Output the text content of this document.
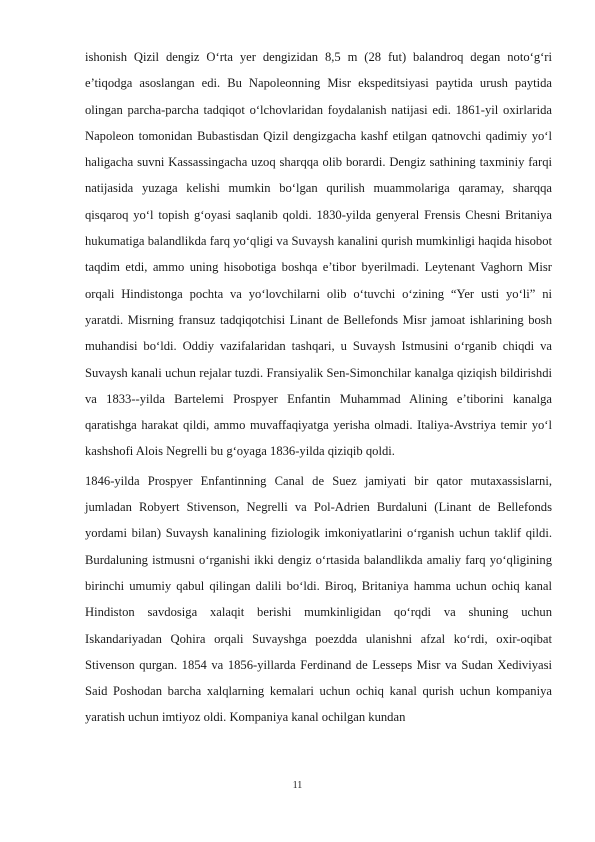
ishonish Qizil dengiz O‘rta yer dengizidan 8,5 m (28 fut) balandroq degan noto‘g‘ri e’tiqodga asoslangan edi. Bu Napoleonning Misr ekspeditsiyasi paytida urush paytida olingan parcha-parcha tadqiqot o‘lchovlaridan foydalanish natijasi edi. 1861-yil oxirlarida Napoleon tomonidan Bubastisdan Qizil dengizgacha kashf etilgan qatnovchi qadimiy yo‘l haligacha suvni Kassassingacha uzoq sharqqa olib borardi. Dengiz sathining taxminiy farqi natijasida yuzaga kelishi mumkin bo‘lgan qurilish muammolariga qaramay, sharqqa qisqaroq yo‘l topish g‘oyasi saqlanib qoldi. 1830-yilda genyeral Frensis Chesni Britaniya hukumatiga balandlikda farq yo‘qligi va Suvaysh kanalini qurish mumkinligi haqida hisobot taqdim etdi, ammo uning hisobotiga boshqa e’tibor byerilmadi. Leytenant Vaghorn Misr orqali Hindistonga pochta va yo‘lovchilarni olib o‘tuvchi o‘zining “Yer usti yo‘li” ni yaratdi. Misrning fransuz tadqiqotchisi Linant de Bellefonds Misr jamoat ishlarining bosh muhandisi bo‘ldi. Oddiy vazifalaridan tashqari, u Suvaysh Istmusini o‘rganib chiqdi va Suvaysh kanali uchun rejalar tuzdi. Fransiyalik Sen-Simonchilar kanalga qiziqish bildirishdi va 1833--yilda Bartelemi Prospyer Enfantin Muhammad Alining e’tiborini kanalga qaratishga harakat qildi, ammo muvaffaqiyatga yerisha olmadi. Italiya-Avstriya temir yo‘l kashshofi Alois Negrelli bu g‘oyaga 1836-yilda qiziqib qoldi.

1846-yilda Prospyer Enfantinning Canal de Suez jamiyati bir qator mutaxassislarni, jumladan Robyert Stivenson, Negrelli va Pol-Adrien Burdaluni (Linant de Bellefonds yordami bilan) Suvaysh kanalining fiziologik imkoniyatlarini o‘rganish uchun taklif qildi. Burdaluning istmusni o‘rganishi ikki dengiz o‘rtasida balandlikda amaliy farq yo‘qligining birinchi umumiy qabul qilingan dalili bo‘ldi. Biroq, Britaniya hamma uchun ochiq kanal Hindiston savdosiga xalaqit berishi mumkinligidan qo‘rqdi va shuning uchun Iskandariyadan Qohira orqali Suvayshga poezdda ulanishni afzal ko‘rdi, oxir-oqibat Stivenson qurgan. 1854 va 1856-yillarda Ferdinand de Lesseps Misr va Sudan Xediviyasi Said Poshodan barcha xalqlarning kemalari uchun ochiq kanal qurish uchun kompaniya yaratish uchun imtiyoz oldi. Kompaniya kanal ochilgan kundan

11
